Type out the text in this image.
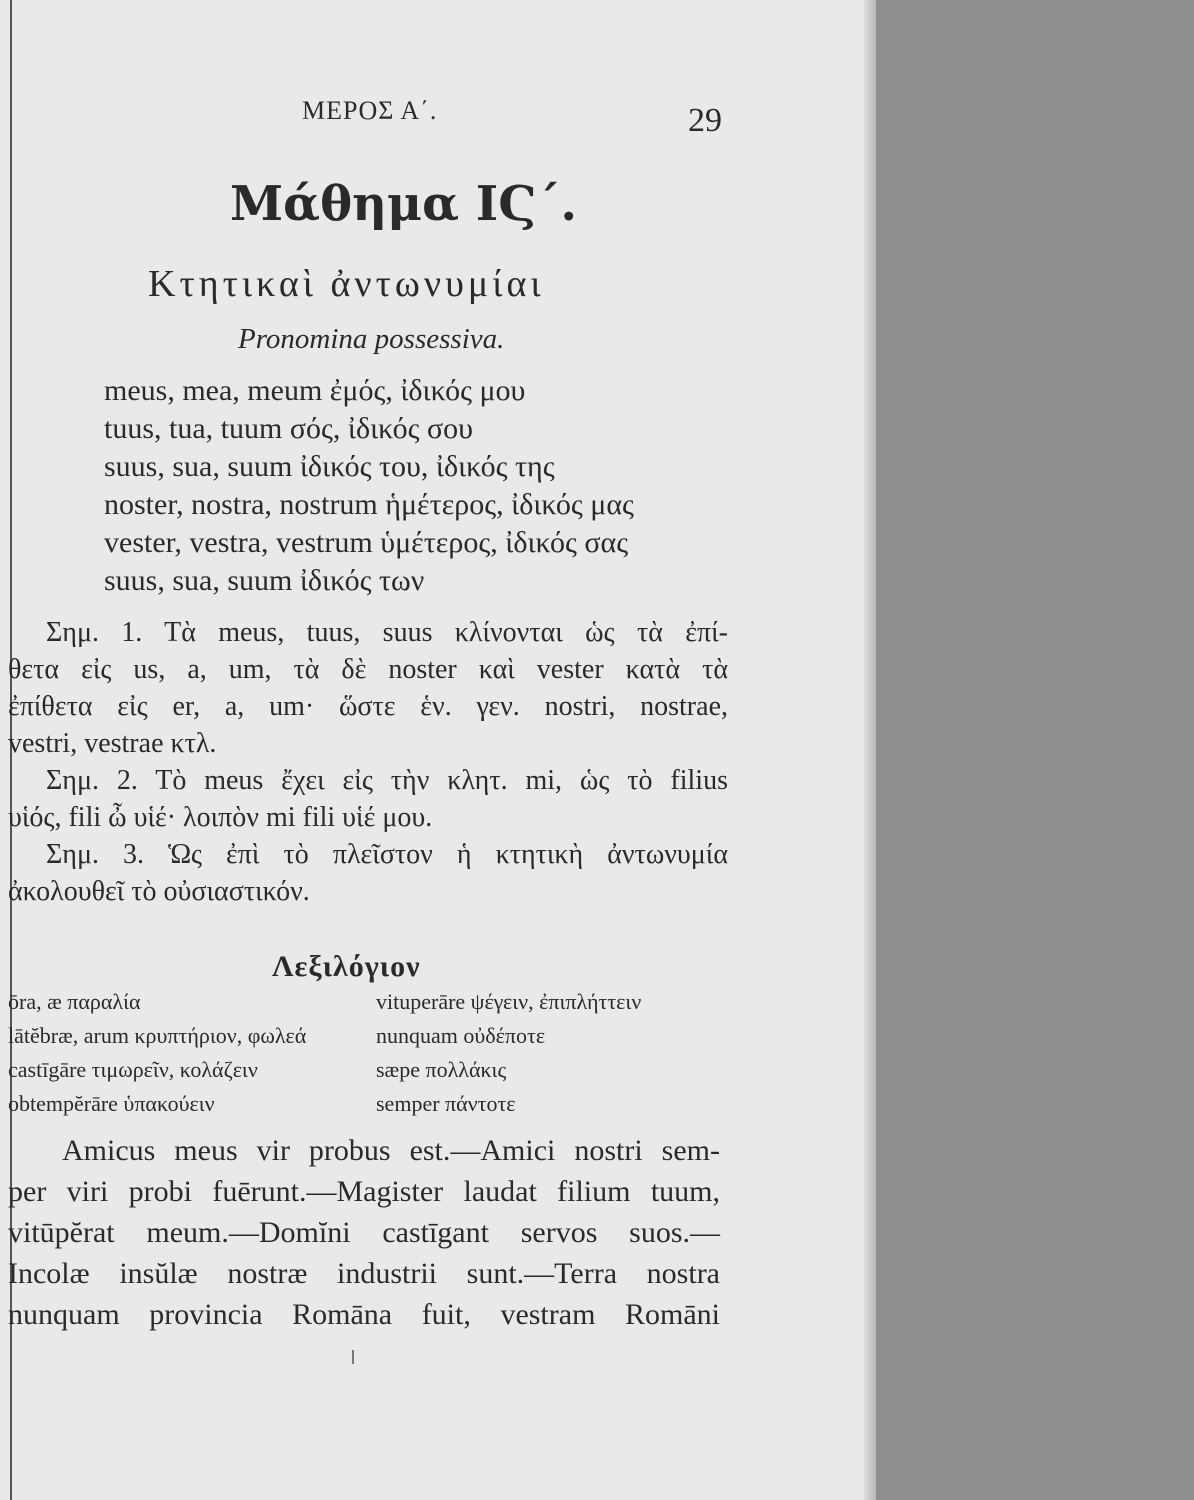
ΜΕΡΟΣ Α΄.	29
Μάθημα ΙϚ΄.
Κτητικαὶ ἀντωνυμίαι
Pronomina possessiva.
meus, mea, meum ἐμός, ἰδικός μου
tuus, tua, tuum σός, ἰδικός σου
suus, sua, suum ἰδικός του, ἰδικός της
noster, nostra, nostrum ἡμέτερος, ἰδικός μας
vester, vestra, vestrum ὑμέτερος, ἰδικός σας
suus, sua, suum ἰδικός των
Σημ. 1. Τὰ meus, tuus, suus κλίνονται ὡς τὰ ἐπί-
θετα εἰς us, a, um, τὰ δὲ noster καὶ vester κατὰ τὰ
ἐπίθετα εἰς er, a, um· ὥστε ἑν. γεν. nostri, nostrae,
vestri, vestrae κτλ.
Σημ. 2. Τὸ meus ἔχει εἰς τὴν κλητ. mi, ὡς τὸ filius
υἱός, fili ὦ υἱέ· λοιπὸν mi fili υἱέ μου.
Σημ. 3. Ὡς ἐπὶ τὸ πλεῖστον ἡ κτητικὴ ἀντωνυμία
ἀκολουθεῖ τὸ οὐσιαστικόν.
Λεξιλόγιον
ōra, æ παραλία	vituperāre ψέγειν, ἐπιπλήττειν
lātĕbræ, arum κρυπτήριον, φωλεά	nunquam οὐδέποτε
castīgāre τιμωρεῖν, κολάζειν	sæpe πολλάκις
obtempĕrāre ὑπακούειν	semper πάντοτε
Amicus meus vir probus est.—Amici nostri sem-
per viri probi fuērunt.—Magister laudat filium tuum,
vitūpĕrat meum.—Domĭni castīgant servos suos.—
Incolæ insŭlæ nostræ industrii sunt.—Terra nostra
nunquam provincia Romāna fuit, vestram Romāni
